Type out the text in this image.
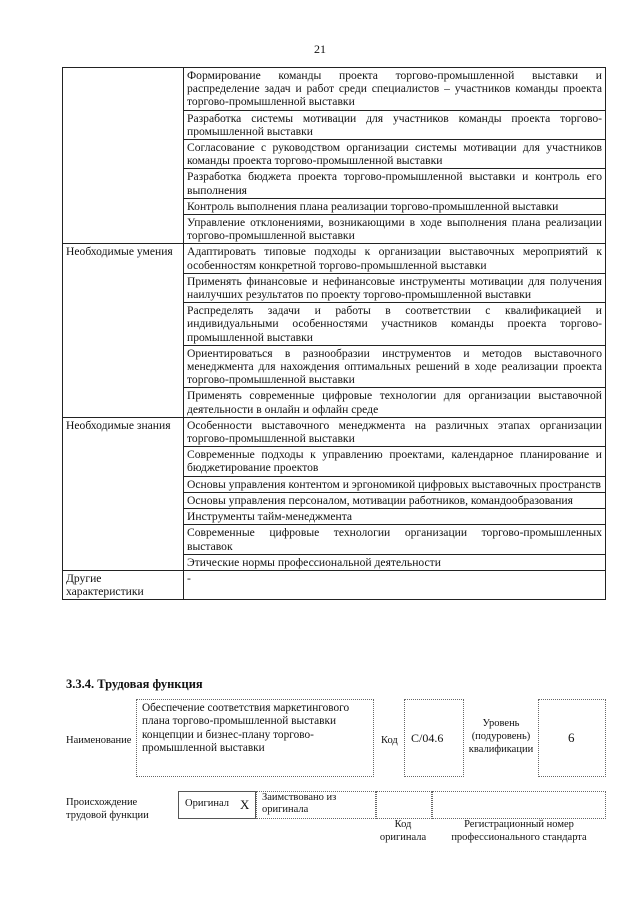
21
	Формирование команды проекта торгово-промышленной выставки и распределение задач и работ среди специалистов – участников команды проекта торгово-промышленной выставки
	Разработка системы мотивации для участников команды проекта торгово-промышленной выставки
	Согласование с руководством организации системы мотивации для участников команды проекта торгово-промышленной выставки
	Разработка бюджета проекта торгово-промышленной выставки и контроль его выполнения
	Контроль выполнения плана реализации торгово-промышленной выставки
	Управление отклонениями, возникающими в ходе выполнения плана реализации торгово-промышленной выставки
Необходимые умения	Адаптировать типовые подходы к организации выставочных мероприятий к особенностям конкретной торгово-промышленной выставки
	Применять финансовые и нефинансовые инструменты мотивации для получения наилучших результатов по проекту торгово-промышленной выставки
	Распределять задачи и работы в соответствии с квалификацией и индивидуальными особенностями участников команды проекта торгово-промышленной выставки
	Ориентироваться в разнообразии инструментов и методов выставочного менеджмента для нахождения оптимальных решений в ходе реализации проекта торгово-промышленной выставки
	Применять современные цифровые технологии для организации выставочной деятельности в онлайн и офлайн среде
Необходимые знания	Особенности выставочного менеджмента на различных этапах организации торгово-промышленной выставки
	Современные подходы к управлению проектами, календарное планирование и бюджетирование проектов
	Основы управления контентом и эргономикой цифровых выставочных пространств
	Основы управления персоналом, мотивации работников, командообразования
	Инструменты тайм-менеджмента
	Современные цифровые технологии организации торгово-промышленных выставок
	Этические нормы профессиональной деятельности
Другие характеристики	-
3.3.4. Трудовая функция
Наименование
Обеспечение соответствия маркетингового плана торгово-промышленной выставки концепции и бизнес-плану торгово-промышленной выставки
Код C/04.6
Уровень (подуровень) квалификации
6
Происхождение трудовой функции
Оригинал X Заимствовано из оригинала
Код оригинала
Регистрационный номер профессионального стандарта
